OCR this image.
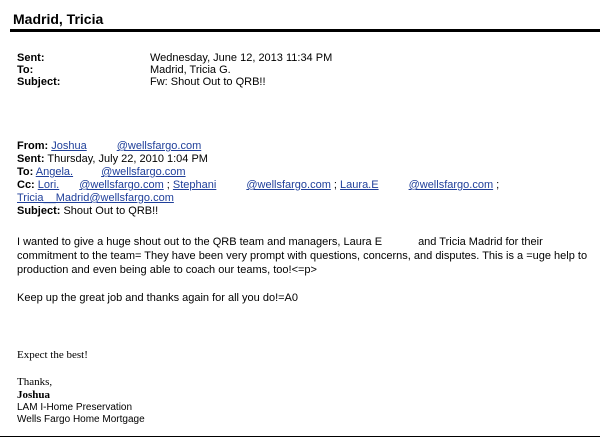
Madrid, Tricia
Sent:	Wednesday, June 12, 2013 11:34 PM
To:	Madrid, Tricia G.
Subject:	Fw: Shout Out to QRB!!
From: Joshua	@wellsfargo.com
Sent: Thursday, July 22, 2010 1:04 PM
To: Angela.	@wellsfargo.com
Cc: Lori. @wellsfargo.com ; Stephani	@wellsfargo.com ; Laura.E	@wellsfargo.com ;
Tricia__Madrid@wellsfargo.com
Subject: Shout Out to QRB!!
I wanted to give a huge shout out to the QRB team and managers, Laura E	and Tricia Madrid for their
commitment to the team= They have been very prompt with questions, concerns, and disputes. This is a =uge help to
production and even being able to coach our teams, too!<=p>
Keep up the great job and thanks again for all you do!=A0
Expect the best!
Thanks,
Joshua
LAM I-Home Preservation
Wells Fargo Home Mortgage
